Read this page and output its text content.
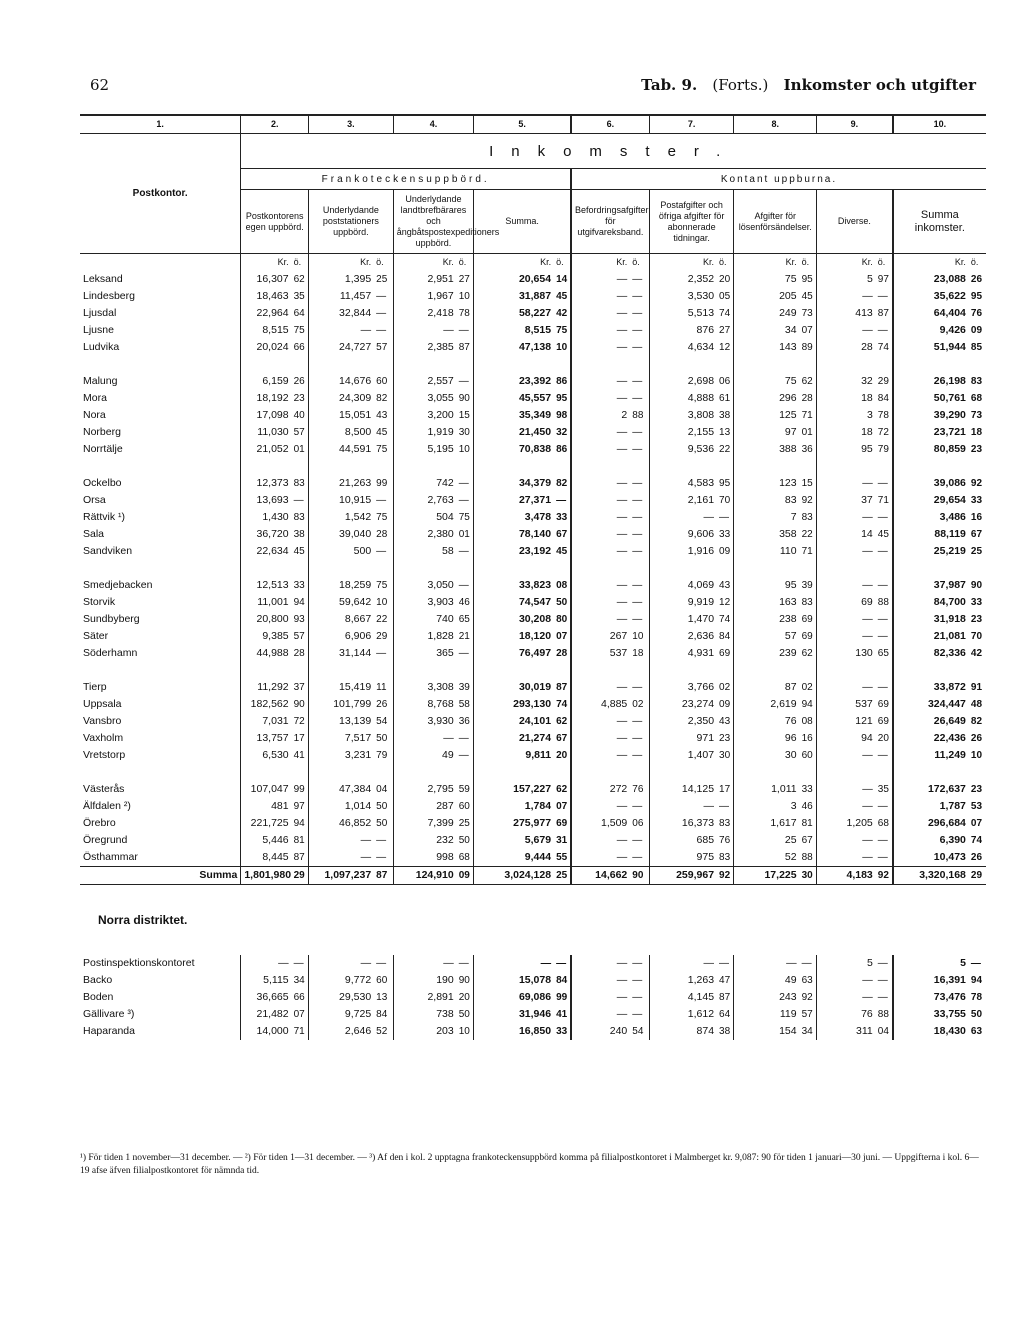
62	Tab. 9. (Forts.) Inkomster och utgifter
1.	2.		3.		4.		5.		6.		7.		8.		9.		10.	
Postkontor.	Inkomster.																	
	Frankoteckensuppbörd.								Kontant uppburna.									
	Postkontorens egen uppbörd.		Underlydande poststationers uppbörd.		Underlydande landtbrefbärares och ångbåtspostexpeditioners uppbörd.		Summa.		Befordringsafgifter för utgifvareksband.		Postafgifter och öfriga afgifter för abonnerade tidningar.		Afgifter för lösenförsändelser.		Diverse.		Summa inkomster.	
	Kr.	ö.	Kr.	ö.	Kr.	ö.	Kr.	ö.	Kr.	ö.	Kr.	ö.	Kr.	ö.	Kr.	ö.	Kr.	ö.
Leksand	16,307	62	1,395	25	2,951	27	20,654	14	—	—	2,352	20	75	95	5	97	23,088	26
Lindesberg	18,463	35	11,457	—	1,967	10	31,887	45	—	—	3,530	05	205	45	—	—	35,622	95
Ljusdal	22,964	64	32,844	—	2,418	78	58,227	42	—	—	5,513	74	249	73	413	87	64,404	76
Ljusne	8,515	75	—	—	—	—	8,515	75	—	—	876	27	34	07	—	—	9,426	09
Ludvika	20,024	66	24,727	57	2,385	87	47,138	10	—	—	4,634	12	143	89	28	74	51,944	85

Malung	6,159	26	14,676	60	2,557	—	23,392	86	—	—	2,698	06	75	62	32	29	26,198	83
Mora	18,192	23	24,309	82	3,055	90	45,557	95	—	—	4,888	61	296	28	18	84	50,761	68
Nora	17,098	40	15,051	43	3,200	15	35,349	98	2	88	3,808	38	125	71	3	78	39,290	73
Norberg	11,030	57	8,500	45	1,919	30	21,450	32	—	—	2,155	13	97	01	18	72	23,721	18
Norrtälje	21,052	01	44,591	75	5,195	10	70,838	86	—	—	9,536	22	388	36	95	79	80,859	23

Ockelbo	12,373	83	21,263	99	742	—	34,379	82	—	—	4,583	95	123	15	—	—	39,086	92
Orsa	13,693	—	10,915	—	2,763	—	27,371	—	—	—	2,161	70	83	92	37	71	29,654	33
Rättvik ¹)	1,430	83	1,542	75	504	75	3,478	33	—	—	—	—	7	83	—	—	3,486	16
Sala	36,720	38	39,040	28	2,380	01	78,140	67	—	—	9,606	33	358	22	14	45	88,119	67
Sandviken	22,634	45	500	—	58	—	23,192	45	—	—	1,916	09	110	71	—	—	25,219	25

Smedjebacken	12,513	33	18,259	75	3,050	—	33,823	08	—	—	4,069	43	95	39	—	—	37,987	90
Storvik	11,001	94	59,642	10	3,903	46	74,547	50	—	—	9,919	12	163	83	69	88	84,700	33
Sundbyberg	20,800	93	8,667	22	740	65	30,208	80	—	—	1,470	74	238	69	—	—	31,918	23
Säter	9,385	57	6,906	29	1,828	21	18,120	07	267	10	2,636	84	57	69	—	—	21,081	70
Söderhamn	44,988	28	31,144	—	365	—	76,497	28	537	18	4,931	69	239	62	130	65	82,336	42

Tierp	11,292	37	15,419	11	3,308	39	30,019	87	—	—	3,766	02	87	02	—	—	33,872	91
Uppsala	182,562	90	101,799	26	8,768	58	293,130	74	4,885	02	23,274	09	2,619	94	537	69	324,447	48
Vansbro	7,031	72	13,139	54	3,930	36	24,101	62	—	—	2,350	43	76	08	121	69	26,649	82
Vaxholm	13,757	17	7,517	50	—	—	21,274	67	—	—	971	23	96	16	94	20	22,436	26
Vretstorp	6,530	41	3,231	79	49	—	9,811	20	—	—	1,407	30	30	60	—	—	11,249	10

Västerås	107,047	99	47,384	04	2,795	59	157,227	62	272	76	14,125	17	1,011	33	—	35	172,637	23
Älfdalen ²)	481	97	1,014	50	287	60	1,784	07	—	—	—	—	3	46	—	—	1,787	53
Örebro	221,725	94	46,852	50	7,399	25	275,977	69	1,509	06	16,373	83	1,617	81	1,205	68	296,684	07
Öregrund	5,446	81	—	—	232	50	5,679	31	—	—	685	76	25	67	—	—	6,390	74
Östhammar	8,445	87	—	—	998	68	9,444	55	—	—	975	83	52	88	—	—	10,473	26
Summa	1,801,980	29	1,097,237	87	124,910	09	3,024,128	25	14,662	90	259,967	92	17,225	30	4,183	92	3,320,168	29
Norra distriktet.																		
Postinspektionskontoret	—	—	—	—	—	—	—	—	—	—	—	—	—	—	5	—	5	—
Backo	5,115	34	9,772	60	190	90	15,078	84	—	—	1,263	47	49	63	—	—	16,391	94
Boden	36,665	66	29,530	13	2,891	20	69,086	99	—	—	4,145	87	243	92	—	—	73,476	78
Gällivare ³)	21,482	07	9,725	84	738	50	31,946	41	—	—	1,612	64	119	57	76	88	33,755	50
Haparanda	14,000	71	2,646	52	203	10	16,850	33	240	54	874	38	154	34	311	04	18,430	63
¹) För tiden 1 november—31 december. — ²) För tiden 1—31 december. — ³) Af den i kol. 2 upptagna frankoteckensuppbörd komma på filialpostkontoret i Malmberget kr. 9,087: 90 för tiden 1 januari—30 juni. — Uppgifterna i kol. 6—19 afse äfven filialpostkontoret för nämnda tid.
